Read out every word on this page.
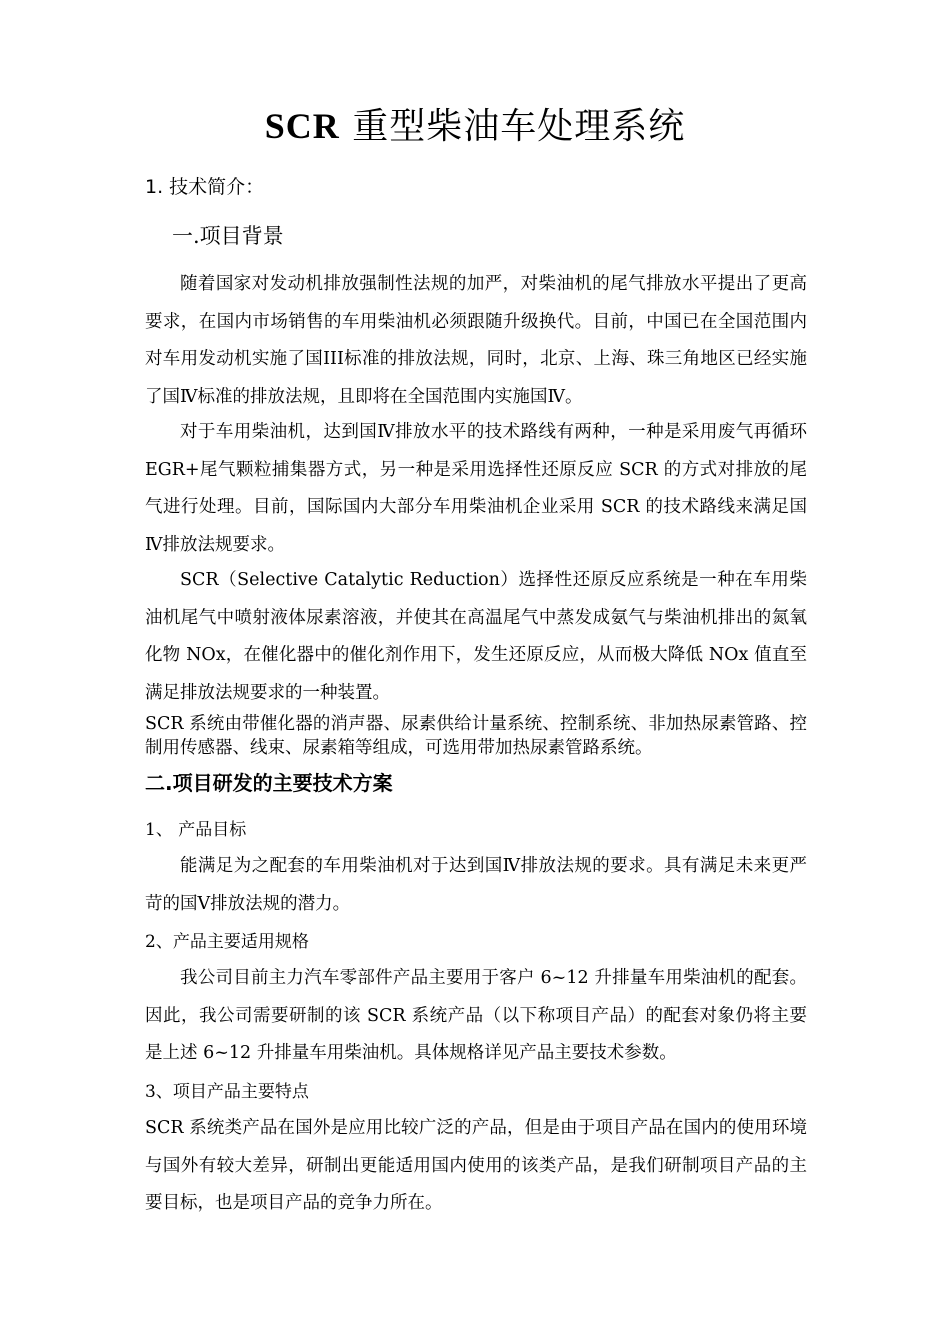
SCR 重型柴油车处理系统
1. 技术简介：
一.项目背景

随着国家对发动机排放强制性法规的加严，对柴油机的尾气排放水平提出了更高要求，在国内市场销售的车用柴油机必须跟随升级换代。目前，中国已在全国范围内对车用发动机实施了国III标准的排放法规，同时，北京、上海、珠三角地区已经实施了国Ⅳ标准的排放法规，且即将在全国范围内实施国Ⅳ。

对于车用柴油机，达到国Ⅳ排放水平的技术路线有两种，一种是采用废气再循环 EGR+尾气颗粒捕集器方式，另一种是采用选择性还原反应 SCR 的方式对排放的尾气进行处理。目前，国际国内大部分车用柴油机企业采用 SCR 的技术路线来满足国Ⅳ排放法规要求。

SCR（Selective Catalytic Reduction）选择性还原反应系统是一种在车用柴油机尾气中喷射液体尿素溶液，并使其在高温尾气中蒸发成氨气与柴油机排出的氮氧化物 NOx，在催化器中的催化剂作用下，发生还原反应，从而极大降低 NOx 值直至满足排放法规要求的一种装置。

SCR 系统由带催化器的消声器、尿素供给计量系统、控制系统、非加热尿素管路、控制用传感器、线束、尿素箱等组成，可选用带加热尿素管路系统。

二.项目研发的主要技术方案
1、 产品目标

能满足为之配套的车用柴油机对于达到国Ⅳ排放法规的要求。具有满足未来更严苛的国Ⅴ排放法规的潜力。

2、产品主要适用规格

我公司目前主力汽车零部件产品主要用于客户 6~12 升排量车用柴油机的配套。因此，我公司需要研制的该 SCR 系统产品（以下称项目产品）的配套对象仍将主要是上述 6~12 升排量车用柴油机。具体规格详见产品主要技术参数。

3、项目产品主要特点

SCR 系统类产品在国外是应用比较广泛的产品，但是由于项目产品在国内的使用环境与国外有较大差异，研制出更能适用国内使用的该类产品，是我们研制项目产品的主要目标，也是项目产品的竞争力所在。
